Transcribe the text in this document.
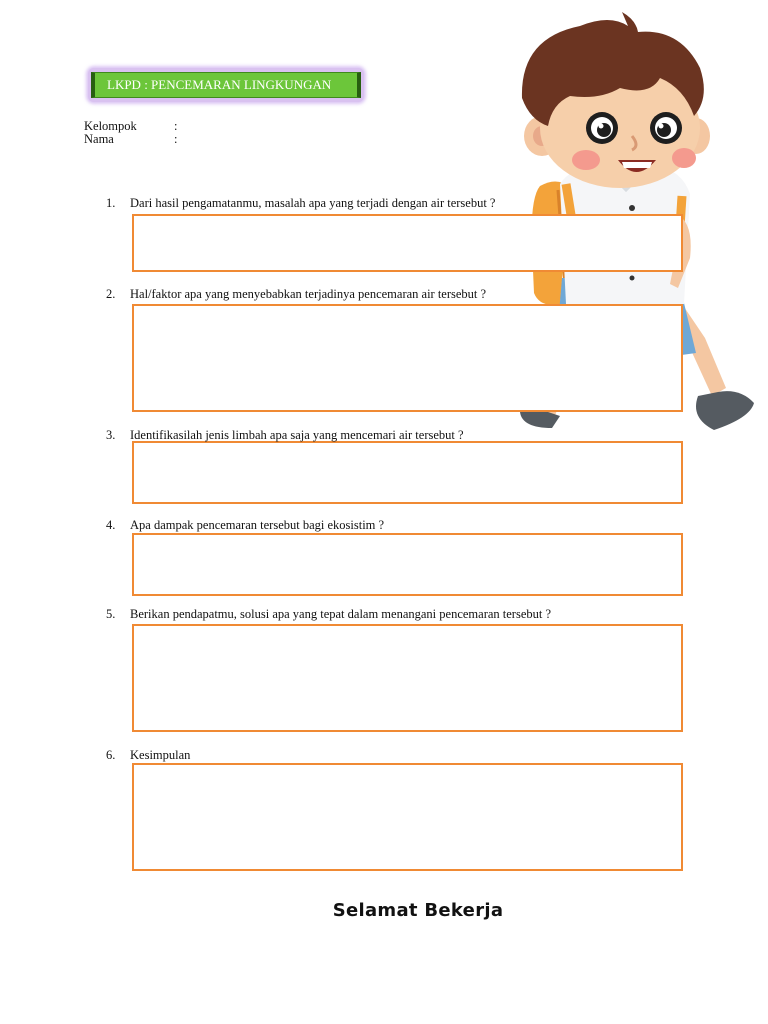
LKPD : PENCEMARAN LINGKUNGAN
Kelompok	:
Nama	:
1. Dari hasil pengamatanmu, masalah apa yang terjadi dengan air tersebut ?
2. Hal/faktor apa yang menyebabkan terjadinya pencemaran air tersebut ?
3. Identifikasilah jenis limbah apa saja yang mencemari air tersebut ?
4. Apa dampak pencemaran tersebut bagi ekosistim ?
5. Berikan pendapatmu, solusi apa yang tepat dalam menangani pencemaran tersebut ?
6. Kesimpulan
Selamat Bekerja
